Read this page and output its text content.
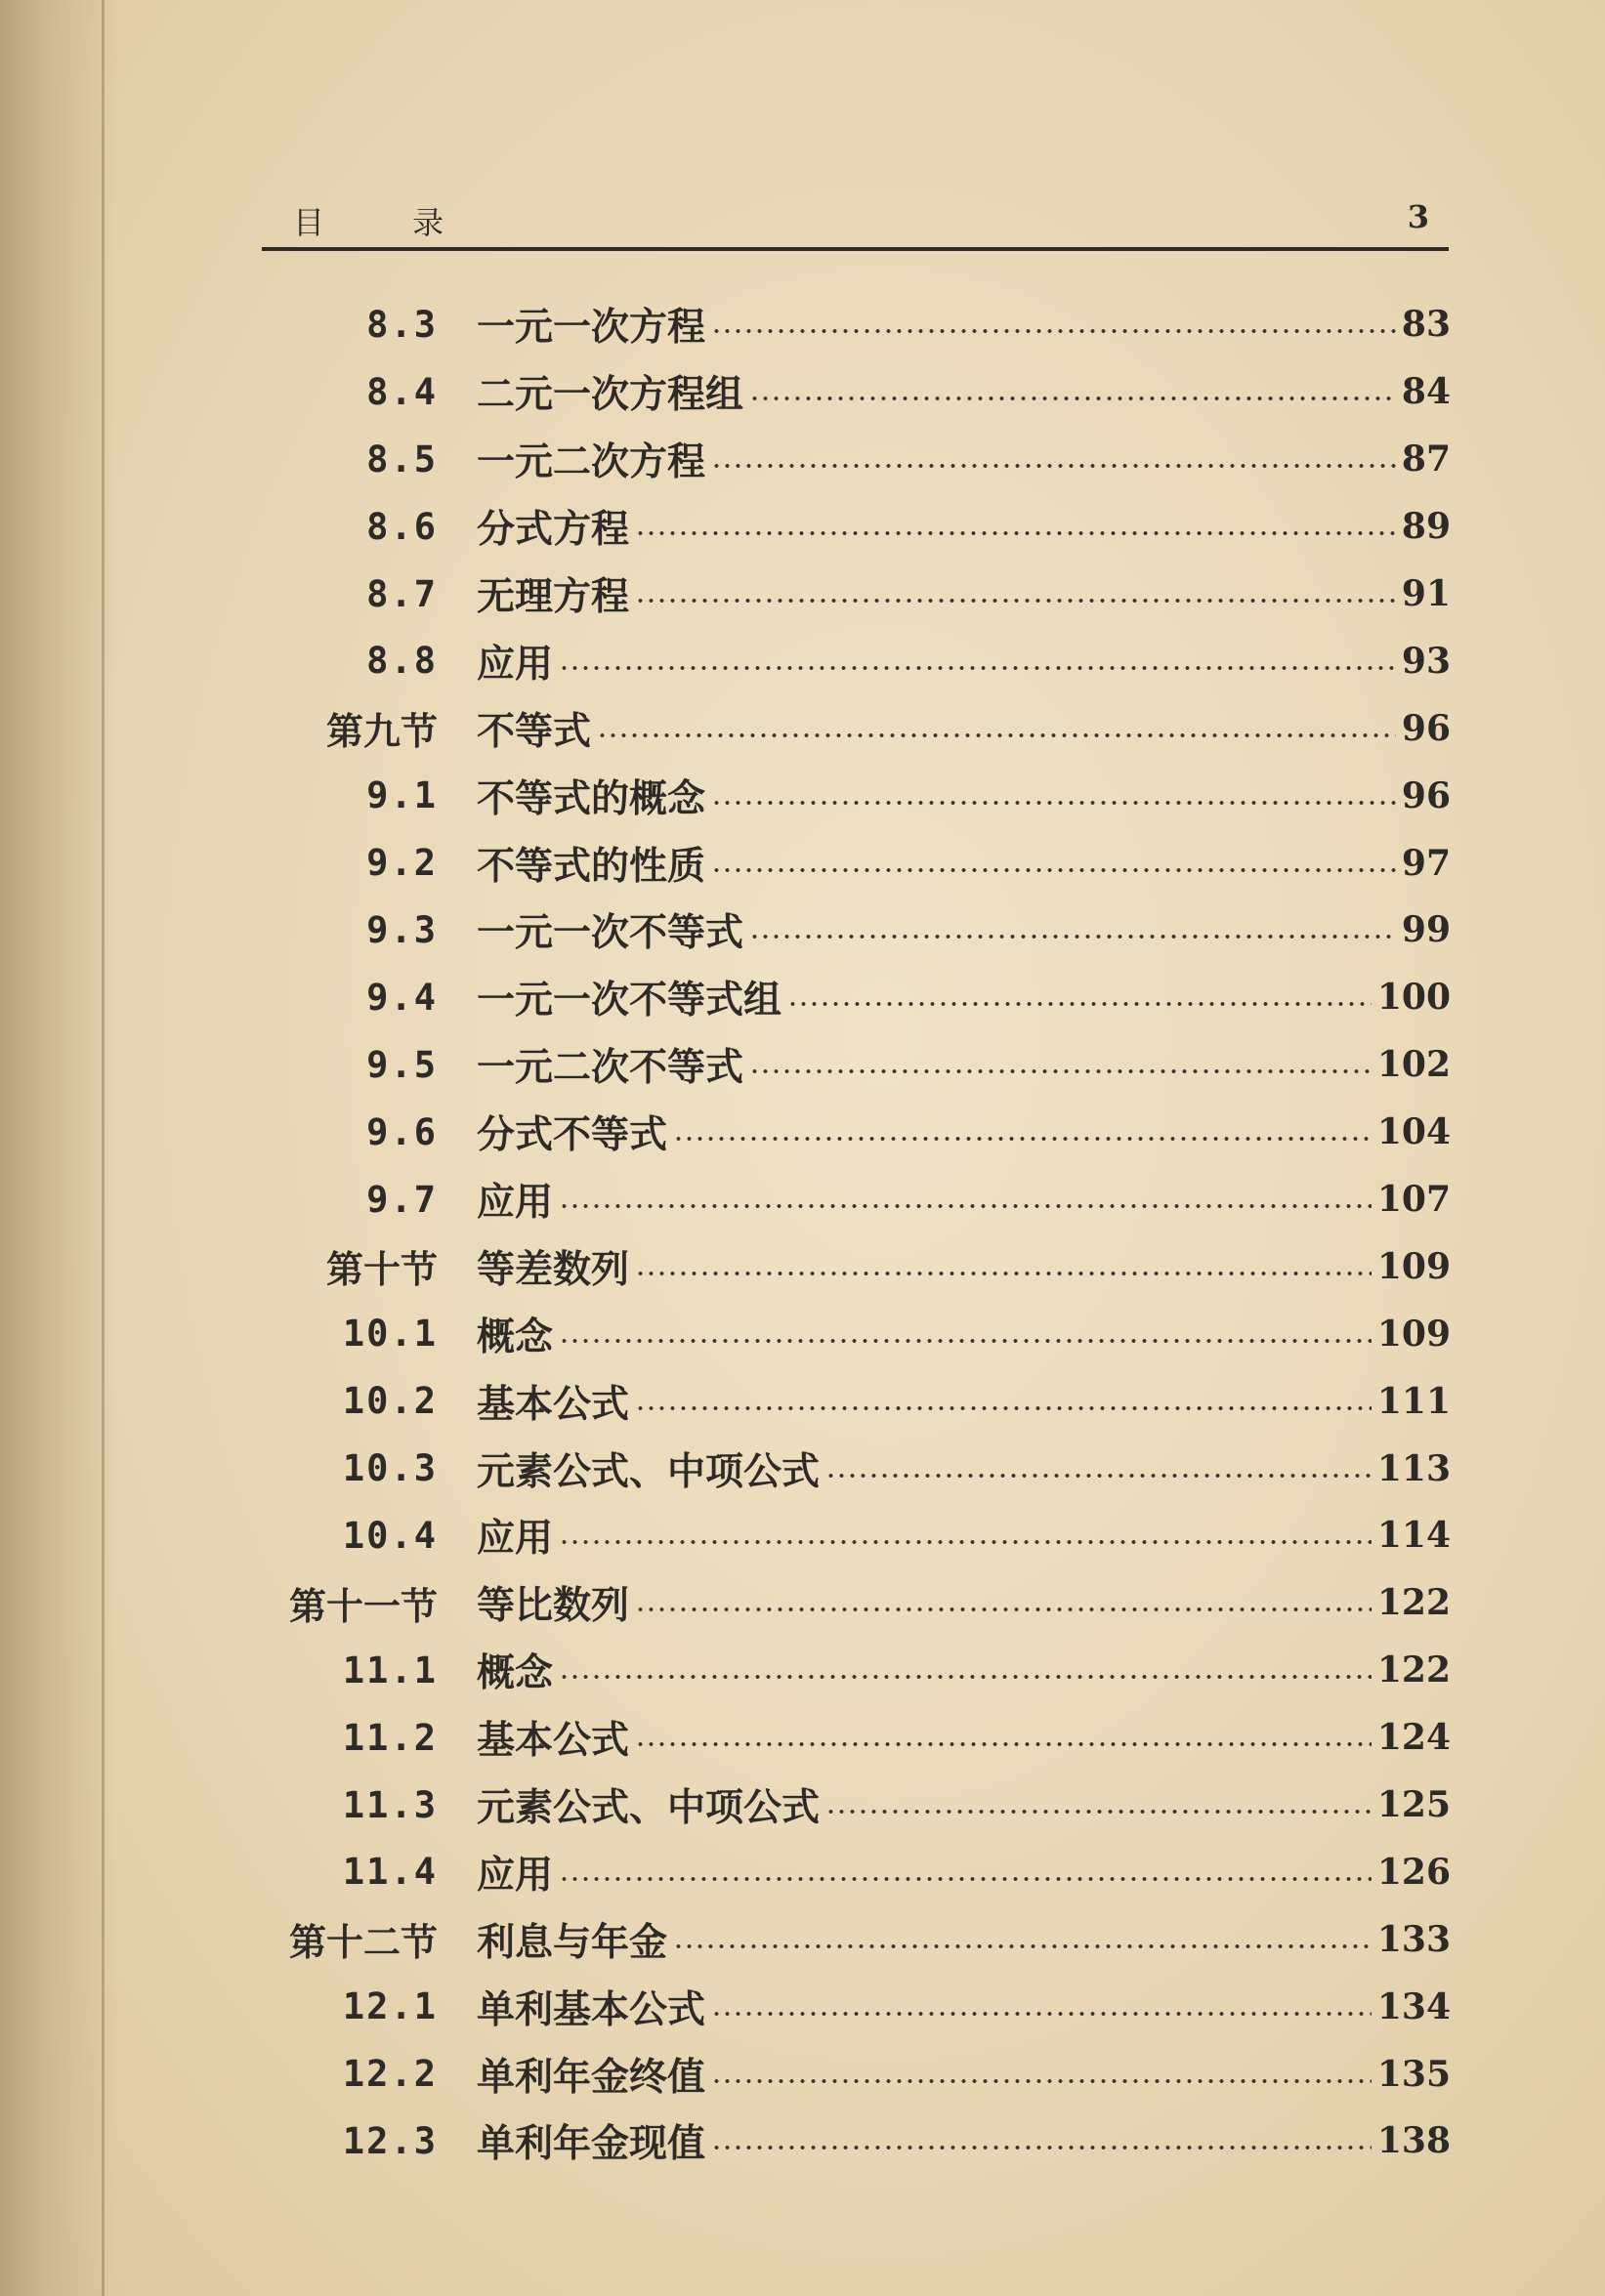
目 录	3
8.3	一元一次方程	83
8.4	二元一次方程组	84
8.5	一元二次方程	87
8.6	分式方程	89
8.7	无理方程	91
8.8	应用	93
第九节	不等式	96
9.1	不等式的概念	96
9.2	不等式的性质	97
9.3	一元一次不等式	99
9.4	一元一次不等式组	100
9.5	一元二次不等式	102
9.6	分式不等式	104
9.7	应用	107
第十节	等差数列	109
10.1	概念	109
10.2	基本公式	111
10.3	元素公式、中项公式	113
10.4	应用	114
第十一节	等比数列	122
11.1	概念	122
11.2	基本公式	124
11.3	元素公式、中项公式	125
11.4	应用	126
第十二节	利息与年金	133
12.1	单利基本公式	134
12.2	单利年金终值	135
12.3	单利年金现值	138
